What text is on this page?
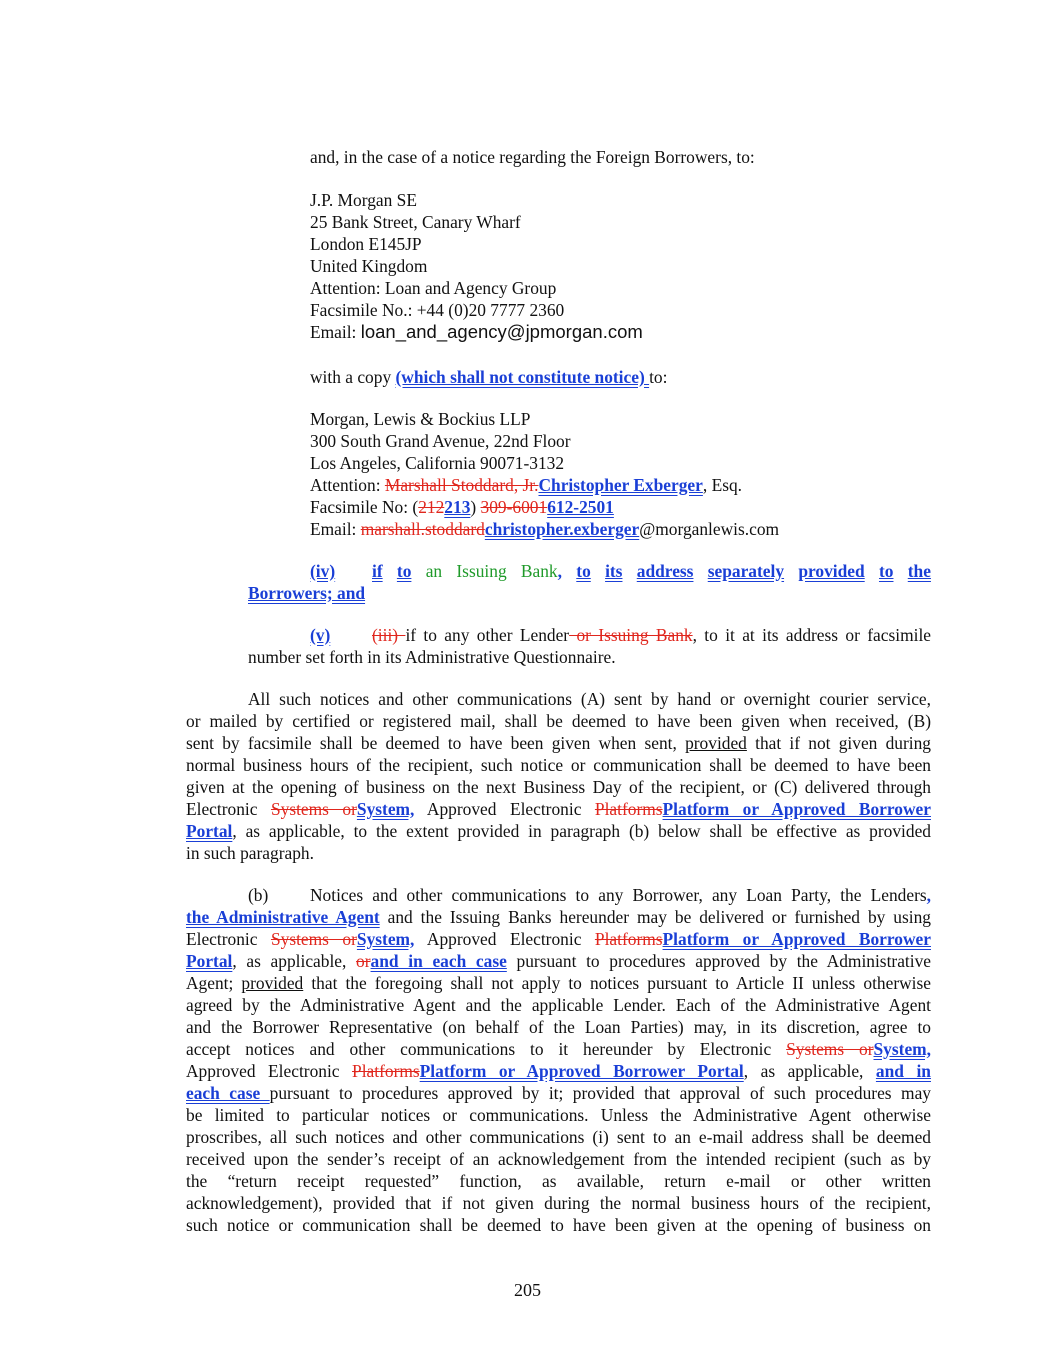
and, in the case of a notice regarding the Foreign Borrowers, to:
J.P. Morgan SE
25 Bank Street, Canary Wharf
London E145JP
United Kingdom
Attention: Loan and Agency Group
Facsimile No.: +44 (0)20 7777 2360
Email: loan_and_agency@jpmorgan.com
with a copy (which shall not constitute notice) to:
Morgan, Lewis & Bockius LLP
300 South Grand Avenue, 22nd Floor
Los Angeles, California 90071-3132
Attention: Marshall Stoddard, Jr.Christopher Exberger, Esq.
Facsimile No: (212213) 309-6001612-2501
Email: marshall.stoddardchristopher.exberger@morganlewis.com
(iv) if to an Issuing Bank, to its address separately provided to the
Borrowers; and
(v) (iii) if to any other Lender or Issuing Bank, to it at its address or facsimile
number set forth in its Administrative Questionnaire.
All such notices and other communications (A) sent by hand or overnight courier service,
or mailed by certified or registered mail, shall be deemed to have been given when received, (B)
sent by facsimile shall be deemed to have been given when sent, provided that if not given during
normal business hours of the recipient, such notice or communication shall be deemed to have been
given at the opening of business on the next Business Day of the recipient, or (C) delivered through
Electronic Systems orSystem, Approved Electronic PlatformsPlatform or Approved Borrower
Portal, as applicable, to the extent provided in paragraph (b) below shall be effective as provided
in such paragraph.
(b) Notices and other communications to any Borrower, any Loan Party, the Lenders,
the Administrative Agent and the Issuing Banks hereunder may be delivered or furnished by using
Electronic Systems orSystem, Approved Electronic PlatformsPlatform or Approved Borrower
Portal, as applicable, orand in each case pursuant to procedures approved by the Administrative
Agent; provided that the foregoing shall not apply to notices pursuant to Article II unless otherwise
agreed by the Administrative Agent and the applicable Lender. Each of the Administrative Agent
and the Borrower Representative (on behalf of the Loan Parties) may, in its discretion, agree to
accept notices and other communications to it hereunder by Electronic Systems orSystem,
Approved Electronic PlatformsPlatform or Approved Borrower Portal, as applicable, and in
each case pursuant to procedures approved by it; provided that approval of such procedures may
be limited to particular notices or communications. Unless the Administrative Agent otherwise
proscribes, all such notices and other communications (i) sent to an e-mail address shall be deemed
received upon the sender’s receipt of an acknowledgement from the intended recipient (such as by
the “return receipt requested” function, as available, return e-mail or other written
acknowledgement), provided that if not given during the normal business hours of the recipient,
such notice or communication shall be deemed to have been given at the opening of business on
205
